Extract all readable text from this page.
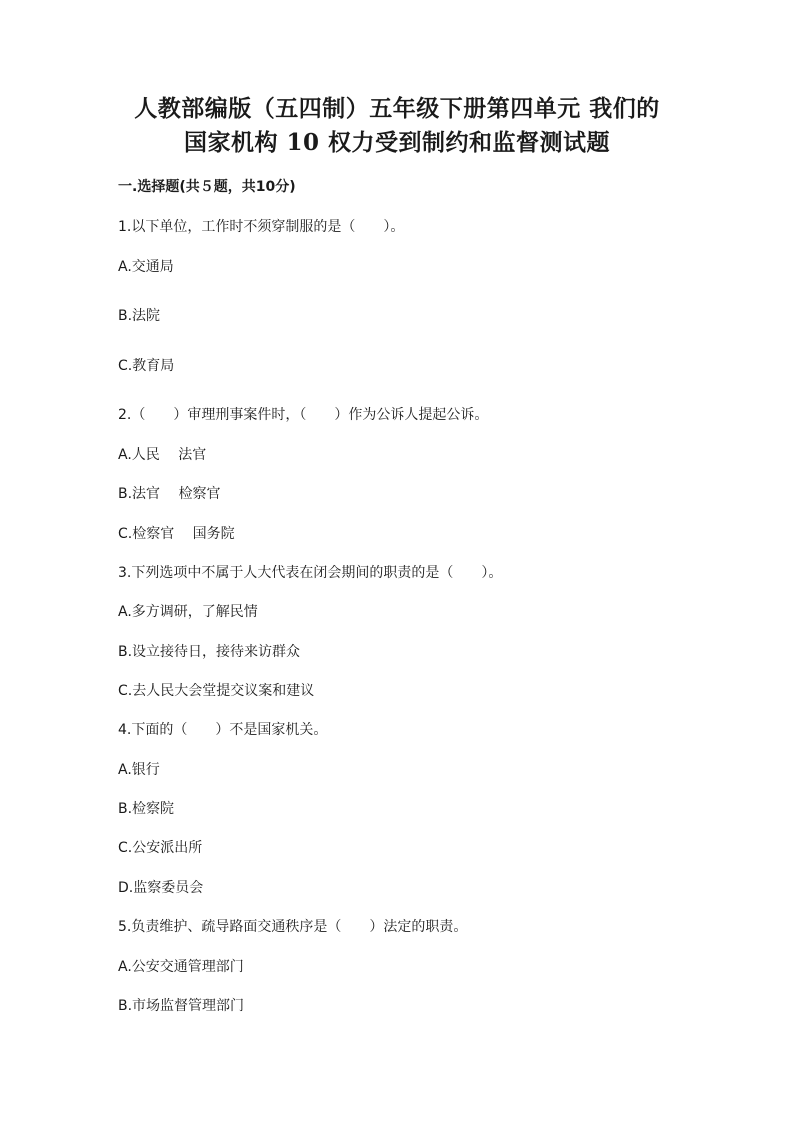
人教部编版（五四制）五年级下册第四单元 我们的
国家机构 10 权力受到制约和监督测试题
一.选择题(共５题，共10分)
1.以下单位，工作时不须穿制服的是（　　）。
A.交通局
B.法院
C.教育局
2.（　　）审理刑事案件时，（　　）作为公诉人提起公诉。
A.人民　 法官
B.法官　 检察官
C.检察官　 国务院
3.下列选项中不属于人大代表在闭会期间的职责的是（　　）。
A.多方调研，了解民情
B.设立接待日，接待来访群众
C.去人民大会堂提交议案和建议
4.下面的（　　）不是国家机关。
A.银行
B.检察院
C.公安派出所
D.监察委员会
5.负责维护、疏导路面交通秩序是（　　）法定的职责。
A.公安交通管理部门
B.市场监督管理部门
